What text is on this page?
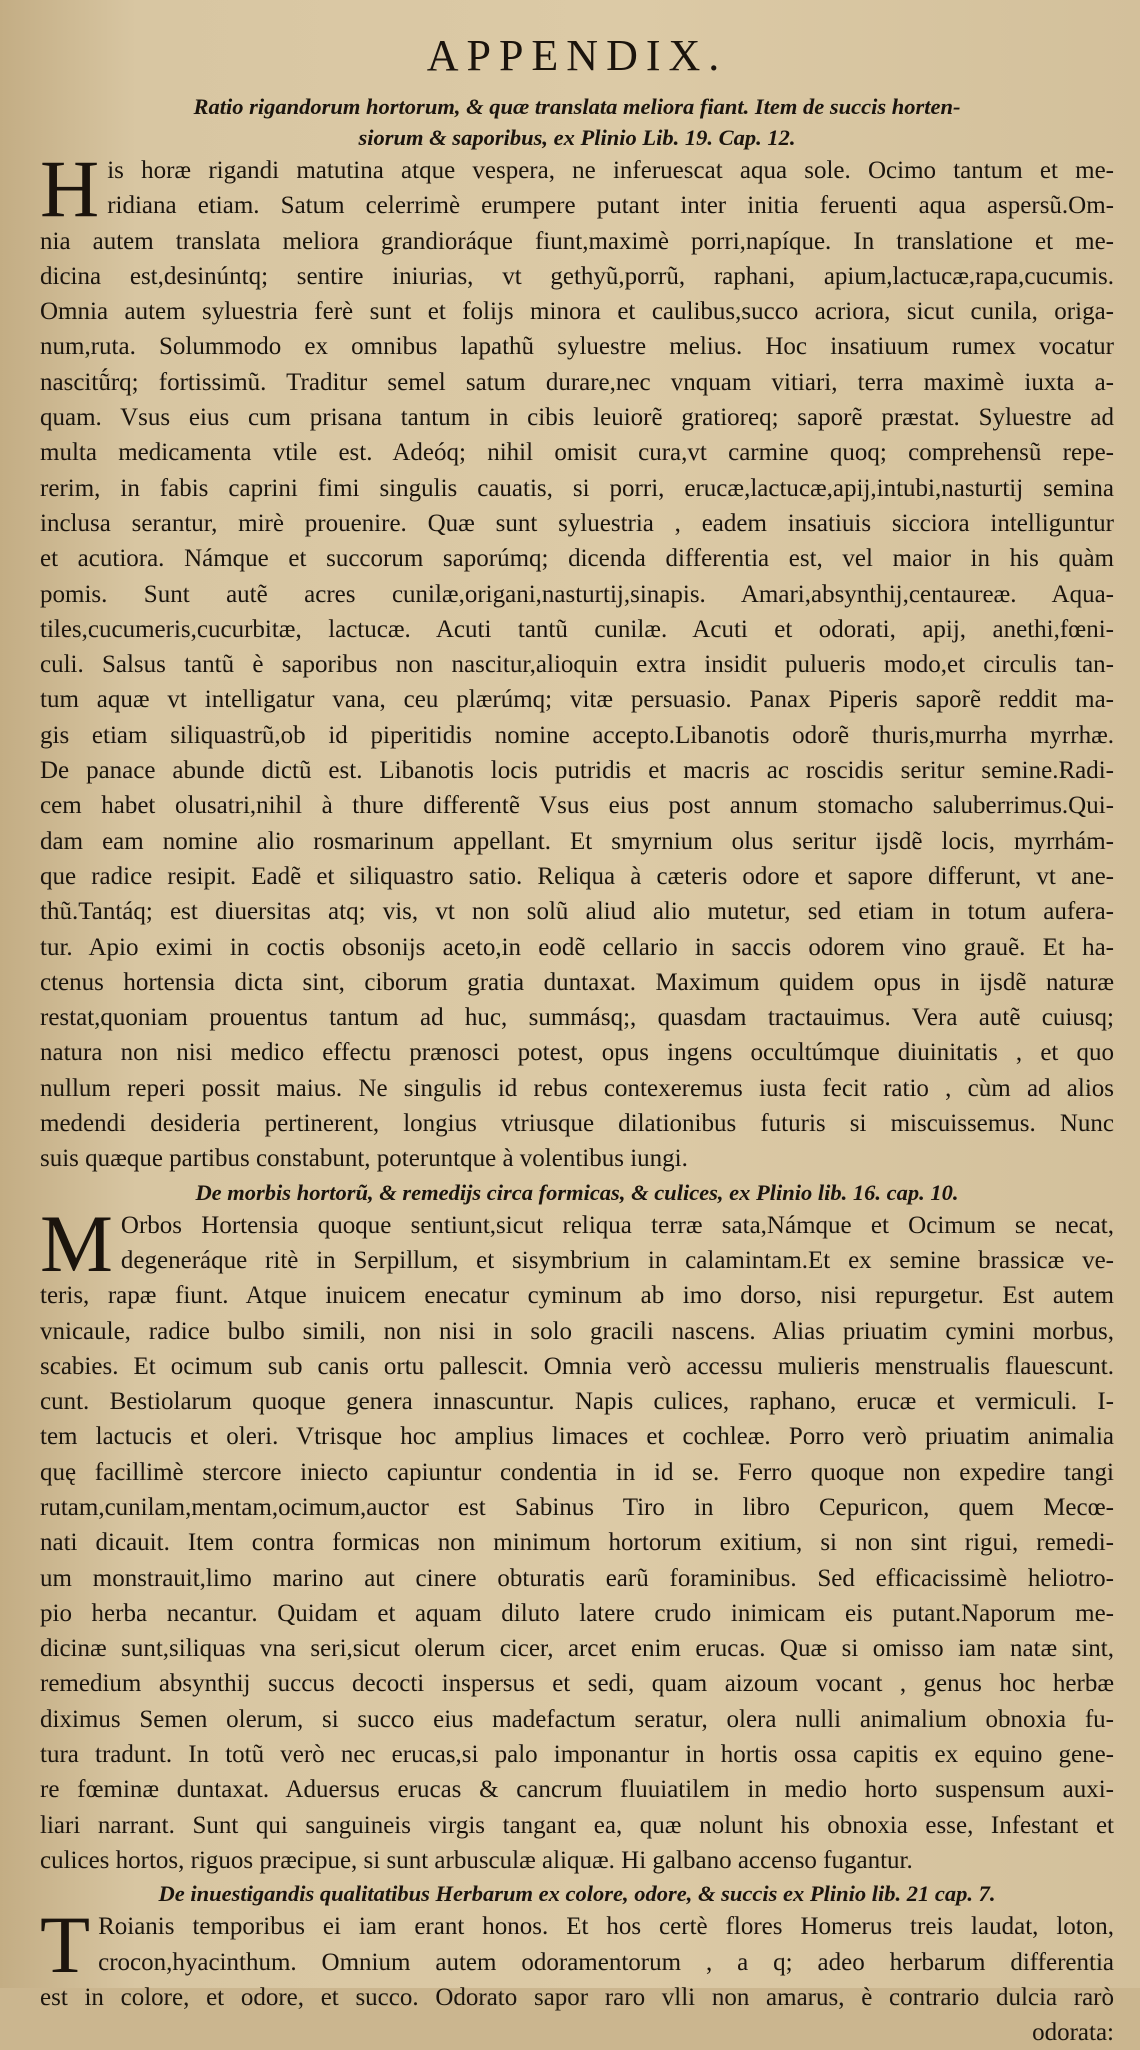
APPENDIX.
Ratio rigandorum hortorum, & quæ translata meliora fiant. Item de succis horten-
siorum & saporibus, ex Plinio Lib. 19. Cap. 12.
H is horæ rigandi matutina atque vespera, ne inferuescat aqua sole. Ocimo tantum et me-
ridiana etiam. Satum celerrimè erumpere putant inter initia feruenti aqua aspersũ.Om-
nia autem translata meliora grandioráque fiunt,maximè porri,napíque. In translatione et me-
dicina est,desinúntq; sentire iniurias, vt gethyũ,porrũ, raphani, apium,lactucæ,rapa,cucumis.
Omnia autem syluestria ferè sunt et folijs minora et caulibus,succo acriora, sicut cunila, origa-
num,ruta. Solummodo ex omnibus lapathũ syluestre melius. Hoc insatiuum rumex vocatur
nascitṹrq; fortissimũ. Traditur semel satum durare,nec vnquam vitiari, terra maximè iuxta a-
quam. Vsus eius cum prisana tantum in cibis leuiorẽ gratioreq; saporẽ præstat. Syluestre ad
multa medicamenta vtile est. Adeóq; nihil omisit cura,vt carmine quoq; comprehensũ repe-
rerim, in fabis caprini fimi singulis cauatis, si porri, erucæ,lactucæ,apij,intubi,nasturtij semina
inclusa serantur, mirè prouenire. Quæ sunt syluestria , eadem insatiuis sicciora intelliguntur
et acutiora. Námque et succorum saporúmq; dicenda differentia est, vel maior in his quàm
pomis. Sunt autẽ acres cunilæ,origani,nasturtij,sinapis. Amari,absynthij,centaureæ. Aqua-
tiles,cucumeris,cucurbitæ, lactucæ. Acuti tantũ cunilæ. Acuti et odorati, apij, anethi,fœni-
culi. Salsus tantũ è saporibus non nascitur,alioquin extra insidit pulueris modo,et circulis tan-
tum aquæ vt intelligatur vana, ceu plærúmq; vitæ persuasio. Panax Piperis saporẽ reddit ma-
gis etiam siliquastrũ,ob id piperitidis nomine accepto.Libanotis odorẽ thuris,murrha myrrhæ.
De panace abunde dictũ est. Libanotis locis putridis et macris ac roscidis seritur semine.Radi-
cem habet olusatri,nihil à thure differentẽ Vsus eius post annum stomacho saluberrimus.Qui-
dam eam nomine alio rosmarinum appellant. Et smyrnium olus seritur ijsdẽ locis, myrrhám-
que radice resipit. Eadẽ et siliquastro satio. Reliqua à cæteris odore et sapore differunt, vt ane-
thũ.Tantáq; est diuersitas atq; vis, vt non solũ aliud alio mutetur, sed etiam in totum aufera-
tur. Apio eximi in coctis obsonijs aceto,in eodẽ cellario in saccis odorem vino grauẽ. Et ha-
ctenus hortensia dicta sint, ciborum gratia duntaxat. Maximum quidem opus in ijsdẽ naturæ
restat,quoniam prouentus tantum ad huc, summásq;, quasdam tractauimus. Vera autẽ cuiusq;
natura non nisi medico effectu prænosci potest, opus ingens occultúmque diuinitatis , et quo
nullum reperi possit maius. Ne singulis id rebus contexeremus iusta fecit ratio , cùm ad alios
medendi desideria pertinerent, longius vtriusque dilationibus futuris si miscuissemus. Nunc
suis quæque partibus constabunt, poteruntque à volentibus iungi.
De morbis hortorũ, & remedijs circa formicas, & culices, ex Plinio lib. 16. cap. 10.
M Orbos Hortensia quoque sentiunt,sicut reliqua terræ sata,Námque et Ocimum se necat,
degeneráque ritè in Serpillum, et sisymbrium in calamintam.Et ex semine brassicæ ve-
teris, rapæ fiunt. Atque inuicem enecatur cyminum ab imo dorso, nisi repurgetur. Est autem
vnicaule, radice bulbo simili, non nisi in solo gracili nascens. Alias priuatim cymini morbus,
scabies. Et ocimum sub canis ortu pallescit. Omnia verò accessu mulieris menstrualis flauescunt.
cunt. Bestiolarum quoque genera innascuntur. Napis culices, raphano, erucæ et vermiculi. I-
tem lactucis et oleri. Vtrisque hoc amplius limaces et cochleæ. Porro verò priuatim animalia
quę facillimè stercore iniecto capiuntur condentia in id se. Ferro quoque non expedire tangi
rutam,cunilam,mentam,ocimum,auctor est Sabinus Tiro in libro Cepuricon, quem Mecœ-
nati dicauit. Item contra formicas non minimum hortorum exitium, si non sint rigui, remedi-
um monstrauit,limo marino aut cinere obturatis earũ foraminibus. Sed efficacissimè heliotro-
pio herba necantur. Quidam et aquam diluto latere crudo inimicam eis putant.Naporum me-
dicinæ sunt,siliquas vna seri,sicut olerum cicer, arcet enim erucas. Quæ si omisso iam natæ sint,
remedium absynthij succus decocti inspersus et sedi, quam aizoum vocant , genus hoc herbæ
diximus Semen olerum, si succo eius madefactum seratur, olera nulli animalium obnoxia fu-
tura tradunt. In totũ verò nec erucas,si palo imponantur in hortis ossa capitis ex equino gene-
re fœminæ duntaxat. Aduersus erucas & cancrum fluuiatilem in medio horto suspensum auxi-
liari narrant. Sunt qui sanguineis virgis tangant ea, quæ nolunt his obnoxia esse, Infestant et
culices hortos, riguos præcipue, si sunt arbusculæ aliquæ. Hi galbano accenso fugantur.
De inuestigandis qualitatibus Herbarum ex colore, odore, & succis ex Plinio lib. 21 cap. 7.
T Roianis temporibus ei iam erant honos. Et hos certè flores Homerus treis laudat, loton,
crocon,hyacinthum. Omnium autem odoramentorum , a q; adeo herbarum differentia
est in colore, et odore, et succo. Odorato sapor raro vlli non amarus, è contrario dulcia rarò
odorata:
